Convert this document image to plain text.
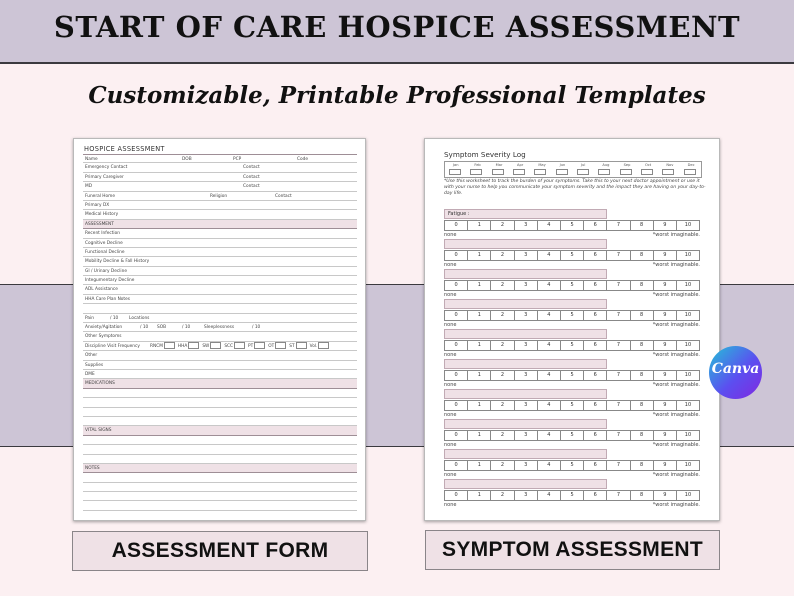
START OF CARE HOSPICE ASSESSMENT
Customizable, Printable Professional Templates
HOSPICE ASSESSMENT
Name	DOB	PCP	Code
Emergency Contact	Contact
Primary Caregiver	Contact
MD	Contact
Funeral Home	Religion	Contact
Primary DX
Medical History
ASSESSMENT
Recent Infection
Cognitive Decline
Functional Decline
Mobility Decline & Fall History
GI / Urinary Decline
Integumentary Decline
ADL Assistance
HHA Care Plan Notes
Pain	/ 10 Locations
Anxiety/Agitation	/ 10 SOB	/ 10	Sleeplessness	/ 10
Other Symptoms
Discipline Visit Frequency RNCM	HHA	SW	SCC	PT	OT	ST	Vol.
Other
Supplies
DME
MEDICATIONS
VITAL SIGNS
NOTES
Symptom Severity Log
Jan	Feb	Mar	Apr	May	Jun	Jul	Aug	Sep	Oct	Nov	Dec
*Use this worksheet to track the burden of your symptoms. Take this to your next doctor appointment or use it with your nurse to help you communicate your symptom severity and the impact they are having on your day-to-day life.
Fatigue :
0	1	2	3	4	5	6	7	8	9	10
none	*worst imaginable.
0	1	2	3	4	5	6	7	8	9	10
none	*worst imaginable.
0	1	2	3	4	5	6	7	8	9	10
none	*worst imaginable.
0	1	2	3	4	5	6	7	8	9	10
none	*worst imaginable.
0	1	2	3	4	5	6	7	8	9	10
none	*worst imaginable.
0	1	2	3	4	5	6	7	8	9	10
none	*worst imaginable.
0	1	2	3	4	5	6	7	8	9	10
none	*worst imaginable.
0	1	2	3	4	5	6	7	8	9	10
none	*worst imaginable.
0	1	2	3	4	5	6	7	8	9	10
none	*worst imaginable.
0	1	2	3	4	5	6	7	8	9	10
none	*worst imaginable.
Canva
ASSESSMENT FORM	SYMPTOM ASSESSMENT
